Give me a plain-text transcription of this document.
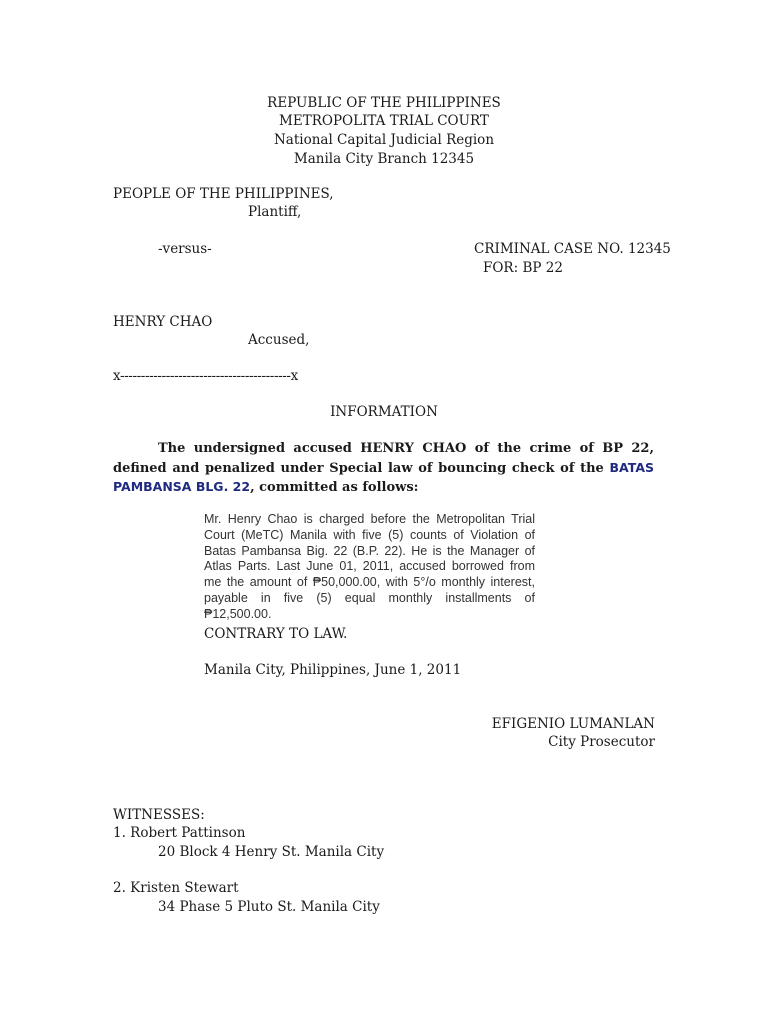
REPUBLIC OF THE PHILIPPINES
METROPOLITA TRIAL COURT
National Capital Judicial Region
Manila City Branch 12345
PEOPLE OF THE PHILIPPINES,
Plantiff,
-versus-	CRIMINAL CASE NO. 12345
FOR: BP 22
HENRY CHAO
Accused,
x-----------------------------------------x
INFORMATION
The undersigned accused HENRY CHAO of the crime of BP 22, defined and penalized under Special law of bouncing check of the BATAS PAMBANSA BLG. 22, committed as follows:
Mr. Henry Chao is charged before the Metropolitan Trial Court (MeTC) Manila with five (5) counts of Violation of Batas Pambansa Big. 22 (B.P. 22). He is the Manager of Atlas Parts. Last June 01, 2011, accused borrowed from me the amount of ₱50,000.00, with 5°/o monthly interest, payable in five (5) equal monthly installments of ₱12,500.00.
CONTRARY TO LAW.
Manila City, Philippines, June 1, 2011
EFIGENIO LUMANLAN
City Prosecutor
WITNESSES:
1. Robert Pattinson
20 Block 4 Henry St. Manila City
2. Kristen Stewart
34 Phase 5 Pluto St. Manila City
